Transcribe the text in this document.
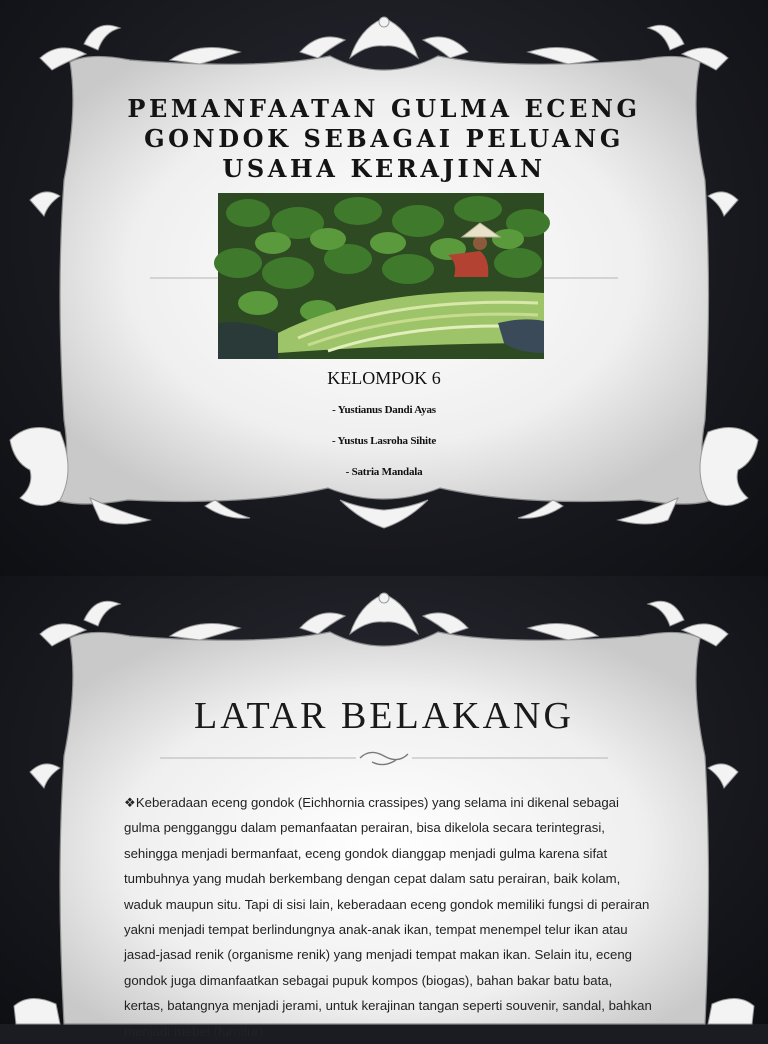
PEMANFAATAN GULMA ECENG GONDOK SEBAGAI PELUANG USAHA KERAJINAN
KELOMPOK 6
- Yustianus Dandi Ayas
- Yustus Lasroha Sihite
- Satria Mandala
LATAR BELAKANG

❖Keberadaan eceng gondok (Eichhornia crassipes) yang selama ini dikenal sebagai gulma pengganggu dalam pemanfaatan perairan, bisa dikelola secara terintegrasi, sehingga menjadi bermanfaat, eceng gondok dianggap menjadi gulma karena sifat tumbuhnya yang mudah berkembang dengan cepat dalam satu perairan, baik kolam, waduk maupun situ. Tapi di sisi lain, keberadaan eceng gondok memiliki fungsi di perairan yakni menjadi tempat berlindungnya anak-anak ikan, tempat menempel telur ikan atau jasad-jasad renik (organisme renik) yang menjadi tempat makan ikan. Selain itu, eceng gondok juga dimanfaatkan sebagai pupuk kompos (biogas), bahan bakar batu bata, kertas, batangnya menjadi jerami, untuk kerajinan tangan seperti souvenir, sandal, bahkan menjadi mebel (furnitur).
